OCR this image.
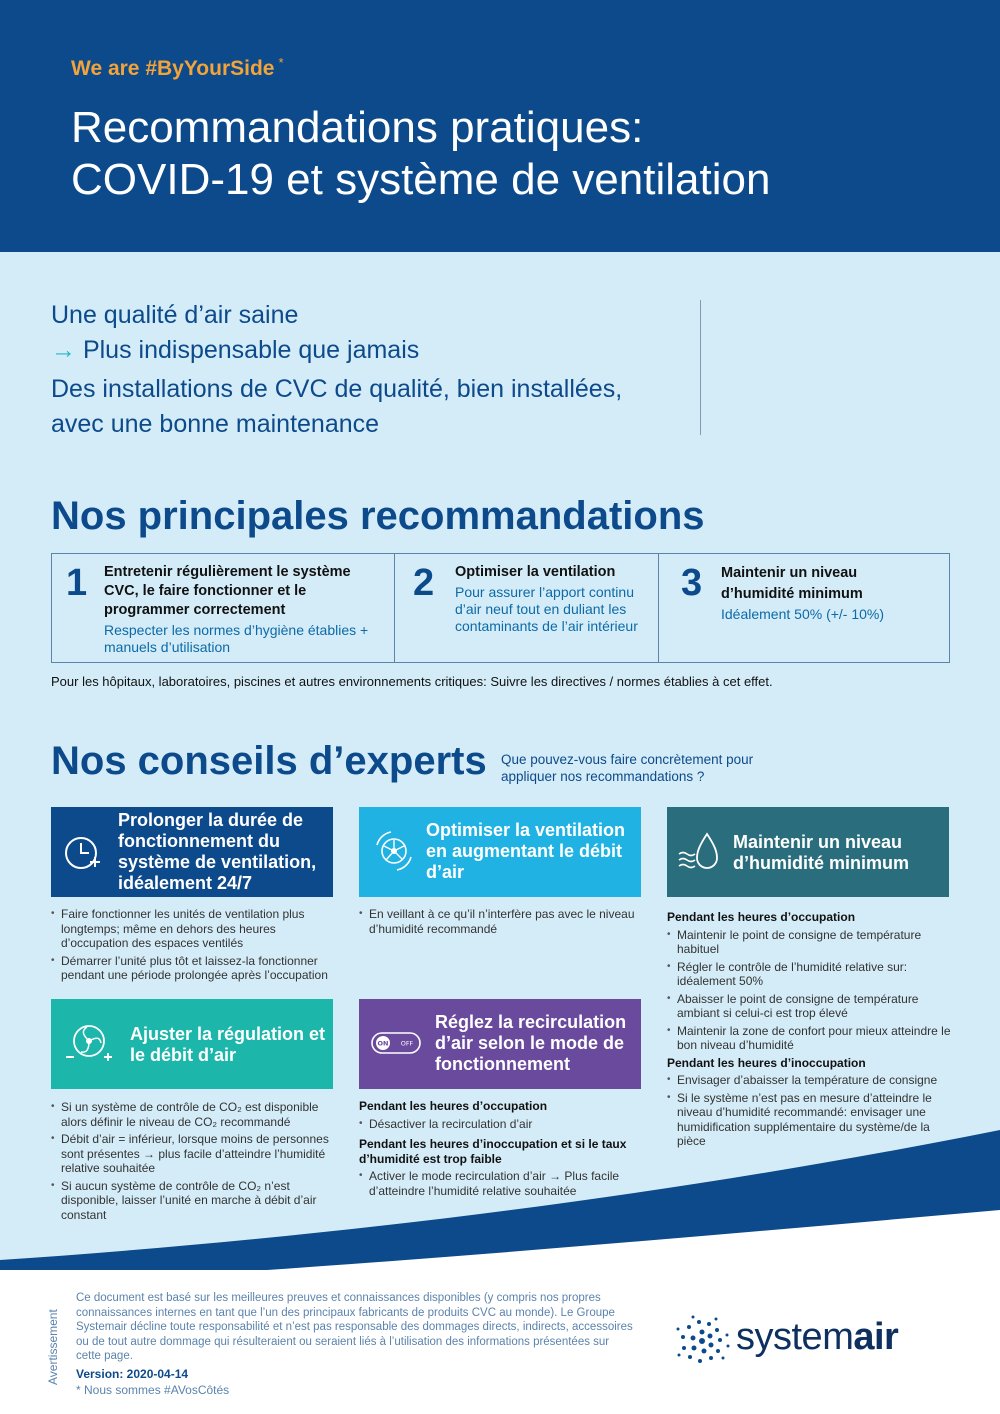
We are #ByYourSide *
Recommandations pratiques:
COVID-19 et système de ventilation
Une qualité d’air saine
→ Plus indispensable que jamais
Des installations de CVC de qualité, bien installées,
avec une bonne maintenance
Nos principales recommandations
1 Entretenir régulièrement le système CVC, le faire fonctionner et le programmer correctement
Respecter les normes d’hygiène établies + manuels d’utilisation
2 Optimiser la ventilation
Pour assurer l’apport continu d’air neuf tout en duliant les contaminants de l’air intérieur
3 Maintenir un niveau d’humidité minimum
Idéalement 50% (+/- 10%)
Pour les hôpitaux, laboratoires, piscines et autres environnements critiques: Suivre les directives / normes établies à cet effet.
Nos conseils d’experts Que pouvez-vous faire concrètement pour appliquer nos recommandations ?
Prolonger la durée de fonctionnement du système de ventilation, idéalement 24/7
Optimiser la ventilation en augmentant le débit d’air
Maintenir un niveau d’humidité minimum
• Faire fonctionner les unités de ventilation plus longtemps; même en dehors des heures d’occupation des espaces ventilés
• Démarrer l’unité plus tôt et laissez-la fonctionner pendant une période prolongée après l’occupation
• En veillant à ce qu’il n’interfère pas avec le niveau d’humidité recommandé
Pendant les heures d’occupation
• Maintenir le point de consigne de température habituel
• Régler le contrôle de l’humidité relative sur: idéalement 50%
• Abaisser le point de consigne de température ambiant si celui-ci est trop élevé
• Maintenir la zone de confort pour mieux atteindre le bon niveau d’humidité
Pendant les heures d’inoccupation
• Envisager d’abaisser la température de consigne
• Si le système n’est pas en mesure d’atteindre le niveau d’humidité recommandé: envisager une humidification supplémentaire du système/de la pièce
Ajuster la régulation et le débit d’air
ON OFF
Réglez la recirculation d’air selon le mode de fonctionnement
• Si un système de contrôle de CO₂ est disponible alors définir le niveau de CO₂ recommandé
• Débit d’air = inférieur, lorsque moins de personnes sont présentes → plus facile d’atteindre l’humidité relative souhaitée
• Si aucun système de contrôle de CO₂ n’est disponible, laisser l’unité en marche à débit d’air constant
Pendant les heures d’occupation
• Désactiver la recirculation d’air
Pendant les heures d’inoccupation et si le taux d’humidité est trop faible
• Activer le mode recirculation d’air → Plus facile d’atteindre l’humidité relative souhaitée
Avertissement
Ce document est basé sur les meilleures preuves et connaissances disponibles (y compris nos propres connaissances internes en tant que l’un des principaux fabricants de produits CVC au monde). Le Groupe Systemair décline toute responsabilité et n’est pas responsable des dommages directs, indirects, accessoires ou de tout autre dommage qui résulteraient ou seraient liés à l’utilisation des informations présentées sur cette page.
Version: 2020-04-14
* Nous sommes #AVosCôtés
systemair
